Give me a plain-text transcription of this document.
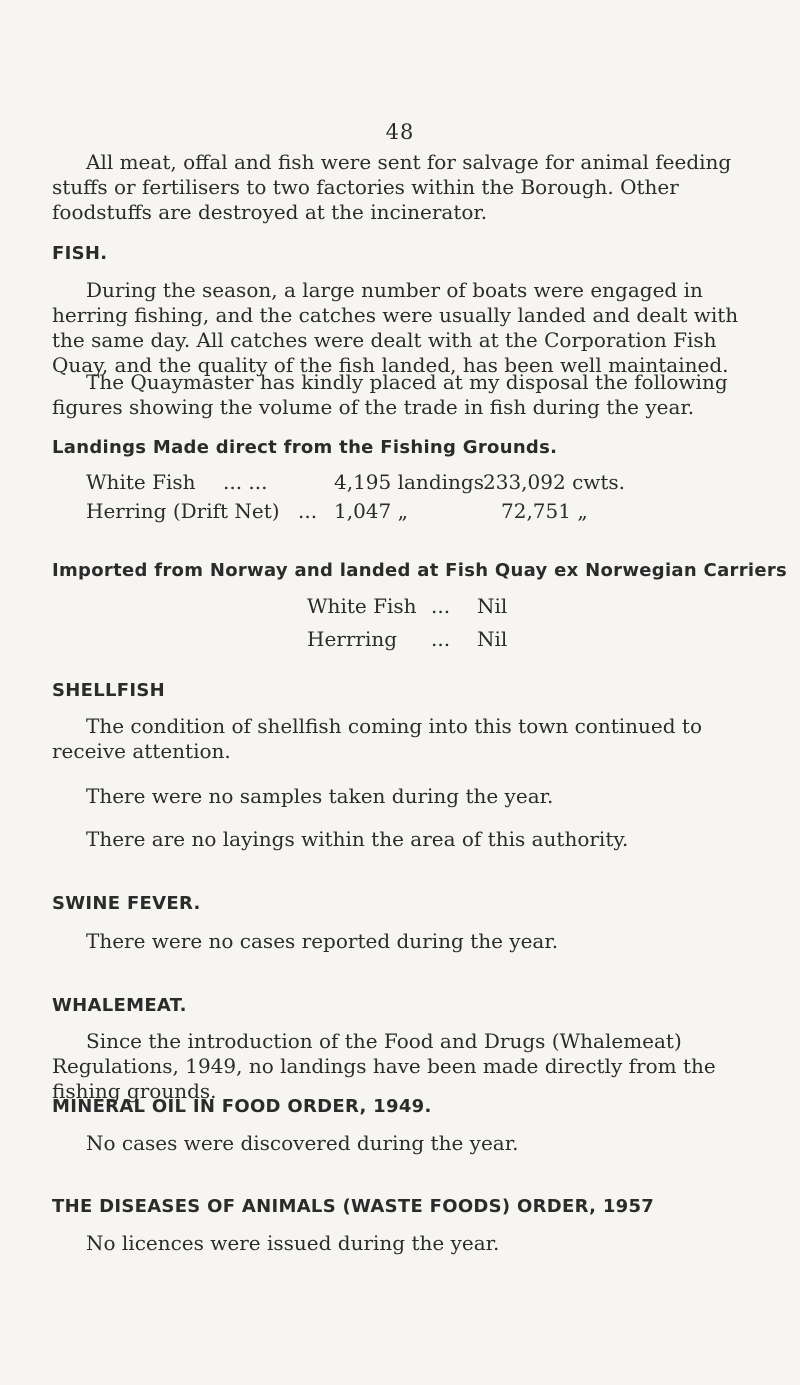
48

All meat, offal and fish were sent for salvage for animal feeding stuffs or fertilisers to two factories within the Borough. Other foodstuffs are destroyed at the incinerator.

FISH.

During the season, a large number of boats were engaged in herring fishing, and the catches were usually landed and dealt with the same day. All catches were dealt with at the Corporation Fish Quay, and the quality of the fish landed, has been well maintained.

The Quaymaster has kindly placed at my disposal the following figures showing the volume of the trade in fish during the year.

Landings Made direct from the Fishing Grounds.
White Fish ... ...	4,195 landings 233,092 cwts.
Herring (Drift Net) ... 1,047 „	72,751 „
Imported from Norway and landed at Fish Quay ex Norwegian Carriers
White Fish ... Nil
Herrring ... Nil
SHELLFISH

The condition of shellfish coming into this town continued to receive attention.

There were no samples taken during the year.

There are no layings within the area of this authority.

SWINE FEVER.

There were no cases reported during the year.

WHALEMEAT.

Since the introduction of the Food and Drugs (Whalemeat) Regulations, 1949, no landings have been made directly from the fishing grounds.

MINERAL OIL IN FOOD ORDER, 1949.

No cases were discovered during the year.

THE DISEASES OF ANIMALS (WASTE FOODS) ORDER, 1957

No licences were issued during the year.
